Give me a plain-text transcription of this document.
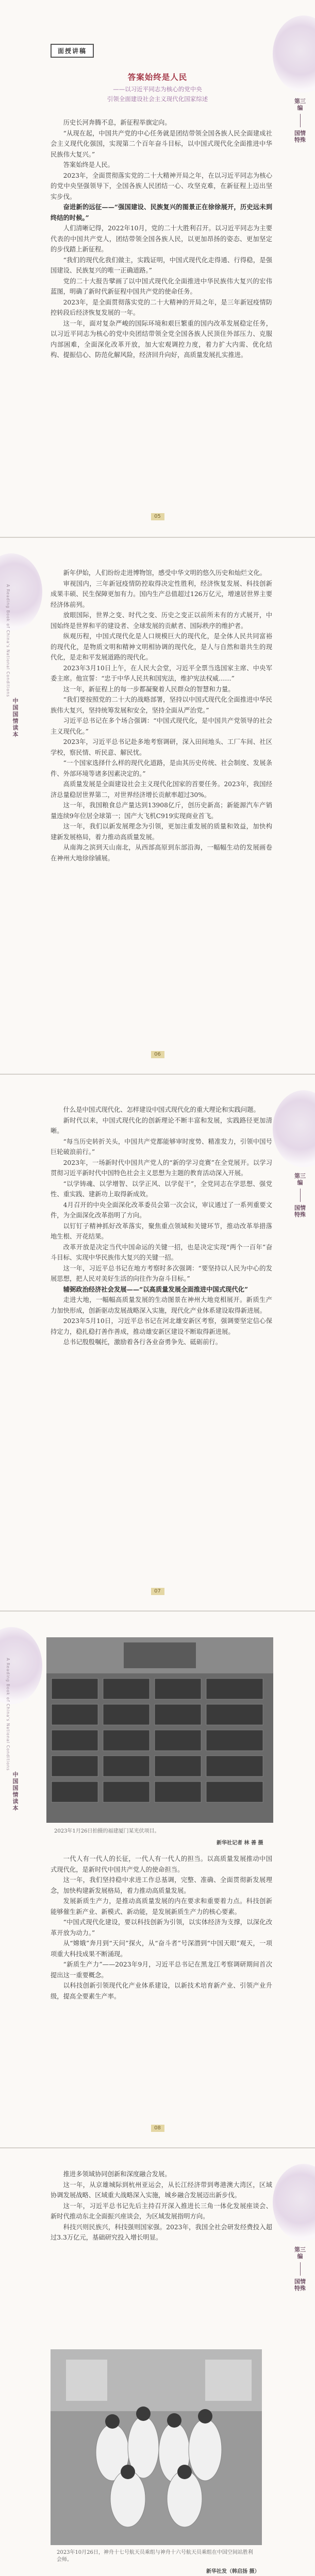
面授讲稿
答案始终是人民
——以习近平同志为核心的党中央
引领全面建设社会主义现代化国家综述	第三编
国情特殊

历史长河奔腾不息，新征程举旗定向。

“从现在起，中国共产党的中心任务就是团结带领全国各族人民全面建成社会主义现代化强国，实现第二个百年奋斗目标，以中国式现代化全面推进中华民族伟大复兴。”

答案始终是人民。

2023年，全面贯彻落实党的二十大精神开局之年，在以习近平同志为核心的党中央坚强领导下，全国各族人民团结一心、攻坚克难，在新征程上迈出坚实步伐。

奋进新的远征——“强国建设、民族复兴的图景正在徐徐展开，历史远未到终结的时候。”

人们清晰记得，2022年10月，党的二十大胜利召开。以习近平同志为主要代表的中国共产党人，团结带领全国各族人民，以更加昂扬的姿态、更加坚定的步伐踏上新征程。

“我们的现代化我们做主，实践证明，中国式现代化走得通、行得稳，是强国建设、民族复兴的唯一正确道路。”

党的二十大报告擘画了以中国式现代化全面推进中华民族伟大复兴的宏伟蓝图，明确了新时代新征程中国共产党的使命任务。

2023年，是全面贯彻落实党的二十大精神的开局之年，是三年新冠疫情防控转段后经济恢复发展的一年。

这一年，面对复杂严峻的国际环境和艰巨繁重的国内改革发展稳定任务，以习近平同志为核心的党中央团结带领全党全国各族人民顶住外部压力、克服内部困难，全面深化改革开放，加大宏观调控力度，着力扩大内需、优化结构、提振信心、防范化解风险，经济回升向好，高质量发展扎实推进。

05
A Reading Book of China's National Conditions
中国国情读本

新年伊始，人们纷纷走进博物馆，感受中华文明的悠久历史和灿烂文化。

审视国内，三年新冠疫情防控取得决定性胜利，经济恢复发展、科技创新成果丰硕、民生保障更加有力。国内生产总值超过126万亿元，增速居世界主要经济体前列。

放眼国际，世界之变、时代之变、历史之变正以前所未有的方式展开，中国始终是世界和平的建设者、全球发展的贡献者、国际秩序的维护者。

纵观历程，中国式现代化是人口规模巨大的现代化，是全体人民共同富裕的现代化，是物质文明和精神文明相协调的现代化，是人与自然和谐共生的现代化，是走和平发展道路的现代化。

2023年3月10日上午，在人民大会堂，习近平全票当选国家主席、中央军委主席。他宣誓：“忠于中华人民共和国宪法，维护宪法权威……”

这一年，新征程上的每一步都凝聚着人民群众的智慧和力量。

“我们要按照党的二十大的战略部署，坚持以中国式现代化全面推进中华民族伟大复兴，坚持统筹发展和安全，坚持全面从严治党。”

习近平总书记在多个场合强调：“中国式现代化，是中国共产党领导的社会主义现代化。”

2023年，习近平总书记赴多地考察调研，深入田间地头、工厂车间、社区学校，察民情、听民意、解民忧。

“一个国家选择什么样的现代化道路，是由其历史传统、社会制度、发展条件、外部环境等诸多因素决定的。”

高质量发展是全面建设社会主义现代化国家的首要任务。2023年，我国经济总量稳居世界第二，对世界经济增长贡献率超过30%。

这一年，我国粮食总产量达到13908亿斤，创历史新高；新能源汽车产销量连续9年位居全球第一；国产大飞机C919实现商业首飞。

这一年，我们以新发展理念为引领，更加注重发展的质量和效益，加快构建新发展格局，着力推动高质量发展。

从南海之滨到天山南北，从西部高原到东部沿海，一幅幅生动的发展画卷在神州大地徐徐铺展。

06
第三编
国情特殊

什么是中国式现代化、怎样建设中国式现代化的重大理论和实践问题。

新时代以来，中国式现代化的创新理论不断丰富和发展，实践路径更加清晰。

“每当历史转折关头，中国共产党都能够审时度势、精准发力，引领中国号巨轮破浪前行。”

2023年，一场新时代中国共产党人的“新的学习竞赛”在全党展开。以学习贯彻习近平新时代中国特色社会主义思想为主题的教育活动深入开展。

“以学铸魂、以学增智、以学正风、以学促干”，全党同志在学思想、强党性、重实践、建新功上取得新成效。

4月召开的中央全面深化改革委员会第一次会议，审议通过了一系列重要文件，为全面深化改革指明了方向。

以钉钉子精神抓好改革落实，聚焦重点领域和关键环节，推动改革举措落地生根、开花结果。

改革开放是决定当代中国命运的关键一招，也是决定实现“两个一百年”奋斗目标、实现中华民族伟大复兴的关键一招。

这一年，习近平总书记在地方考察时多次强调：“要坚持以人民为中心的发展思想，把人民对美好生活的向往作为奋斗目标。”

辅弼政治经济社会发展——“以高质量发展全面推进中国式现代化”

走进大地，一幅幅高质量发展的生动图景在神州大地竞相展开。新质生产力加快形成，创新驱动发展战略深入实施，现代化产业体系建设取得新进展。

2023年5月10日，习近平总书记在河北雄安新区考察，强调要坚定信心保持定力，稳扎稳打善作善成，推动雄安新区建设不断取得新进展。

总书记殷殷嘱托，激励着各行各业奋勇争先、砥砺前行。

07
A Reading Book of China's National Conditions
中国国情读本
2023年1月26日拍摄的福建厦门某光伏项目。
新华社记者 林 善 摄

一代人有一代人的长征，一代人有一代人的担当。以高质量发展推动中国式现代化，是新时代中国共产党人的使命担当。

这一年，我们坚持稳中求进工作总基调，完整、准确、全面贯彻新发展理念，加快构建新发展格局，着力推动高质量发展。

发展新质生产力，是推动高质量发展的内在要求和重要着力点。科技创新能够催生新产业、新模式、新动能，是发展新质生产力的核心要素。

“中国式现代化建设，要以科技创新为引领，以实体经济为支撑，以深化改革开放为动力。”

从“嫦娥”奔月到“天问”探火，从“奋斗者”号深潜到“中国天眼”观天，一项项重大科技成果不断涌现。

“新质生产力”——2023年9月，习近平总书记在黑龙江考察调研期间首次提出这一重要概念。

以科技创新引领现代化产业体系建设，以新技术培育新产业、引领产业升级，提高全要素生产率。

08
第三编
国情特殊

推进多领域协同创新和深度融合发展。

这一年，从京雄城际到杭州亚运会，从长江经济带到粤港澳大湾区，区域协调发展战略、区域重大战略深入实施，城乡融合发展迈出新步伐。

这一年，习近平总书记先后主持召开深入推进长三角一体化发展座谈会、新时代推动东北全面振兴座谈会，为区域发展指明方向。

科技兴则民族兴，科技强则国家强。2023年，我国全社会研发经费投入超过3.3万亿元，基础研究投入增长明显。

2023年10月26日，神舟十七号航天员乘组与神舟十六号航天员乘组在中国空间站胜利会师。
新华社发（韩启扬 摄）
